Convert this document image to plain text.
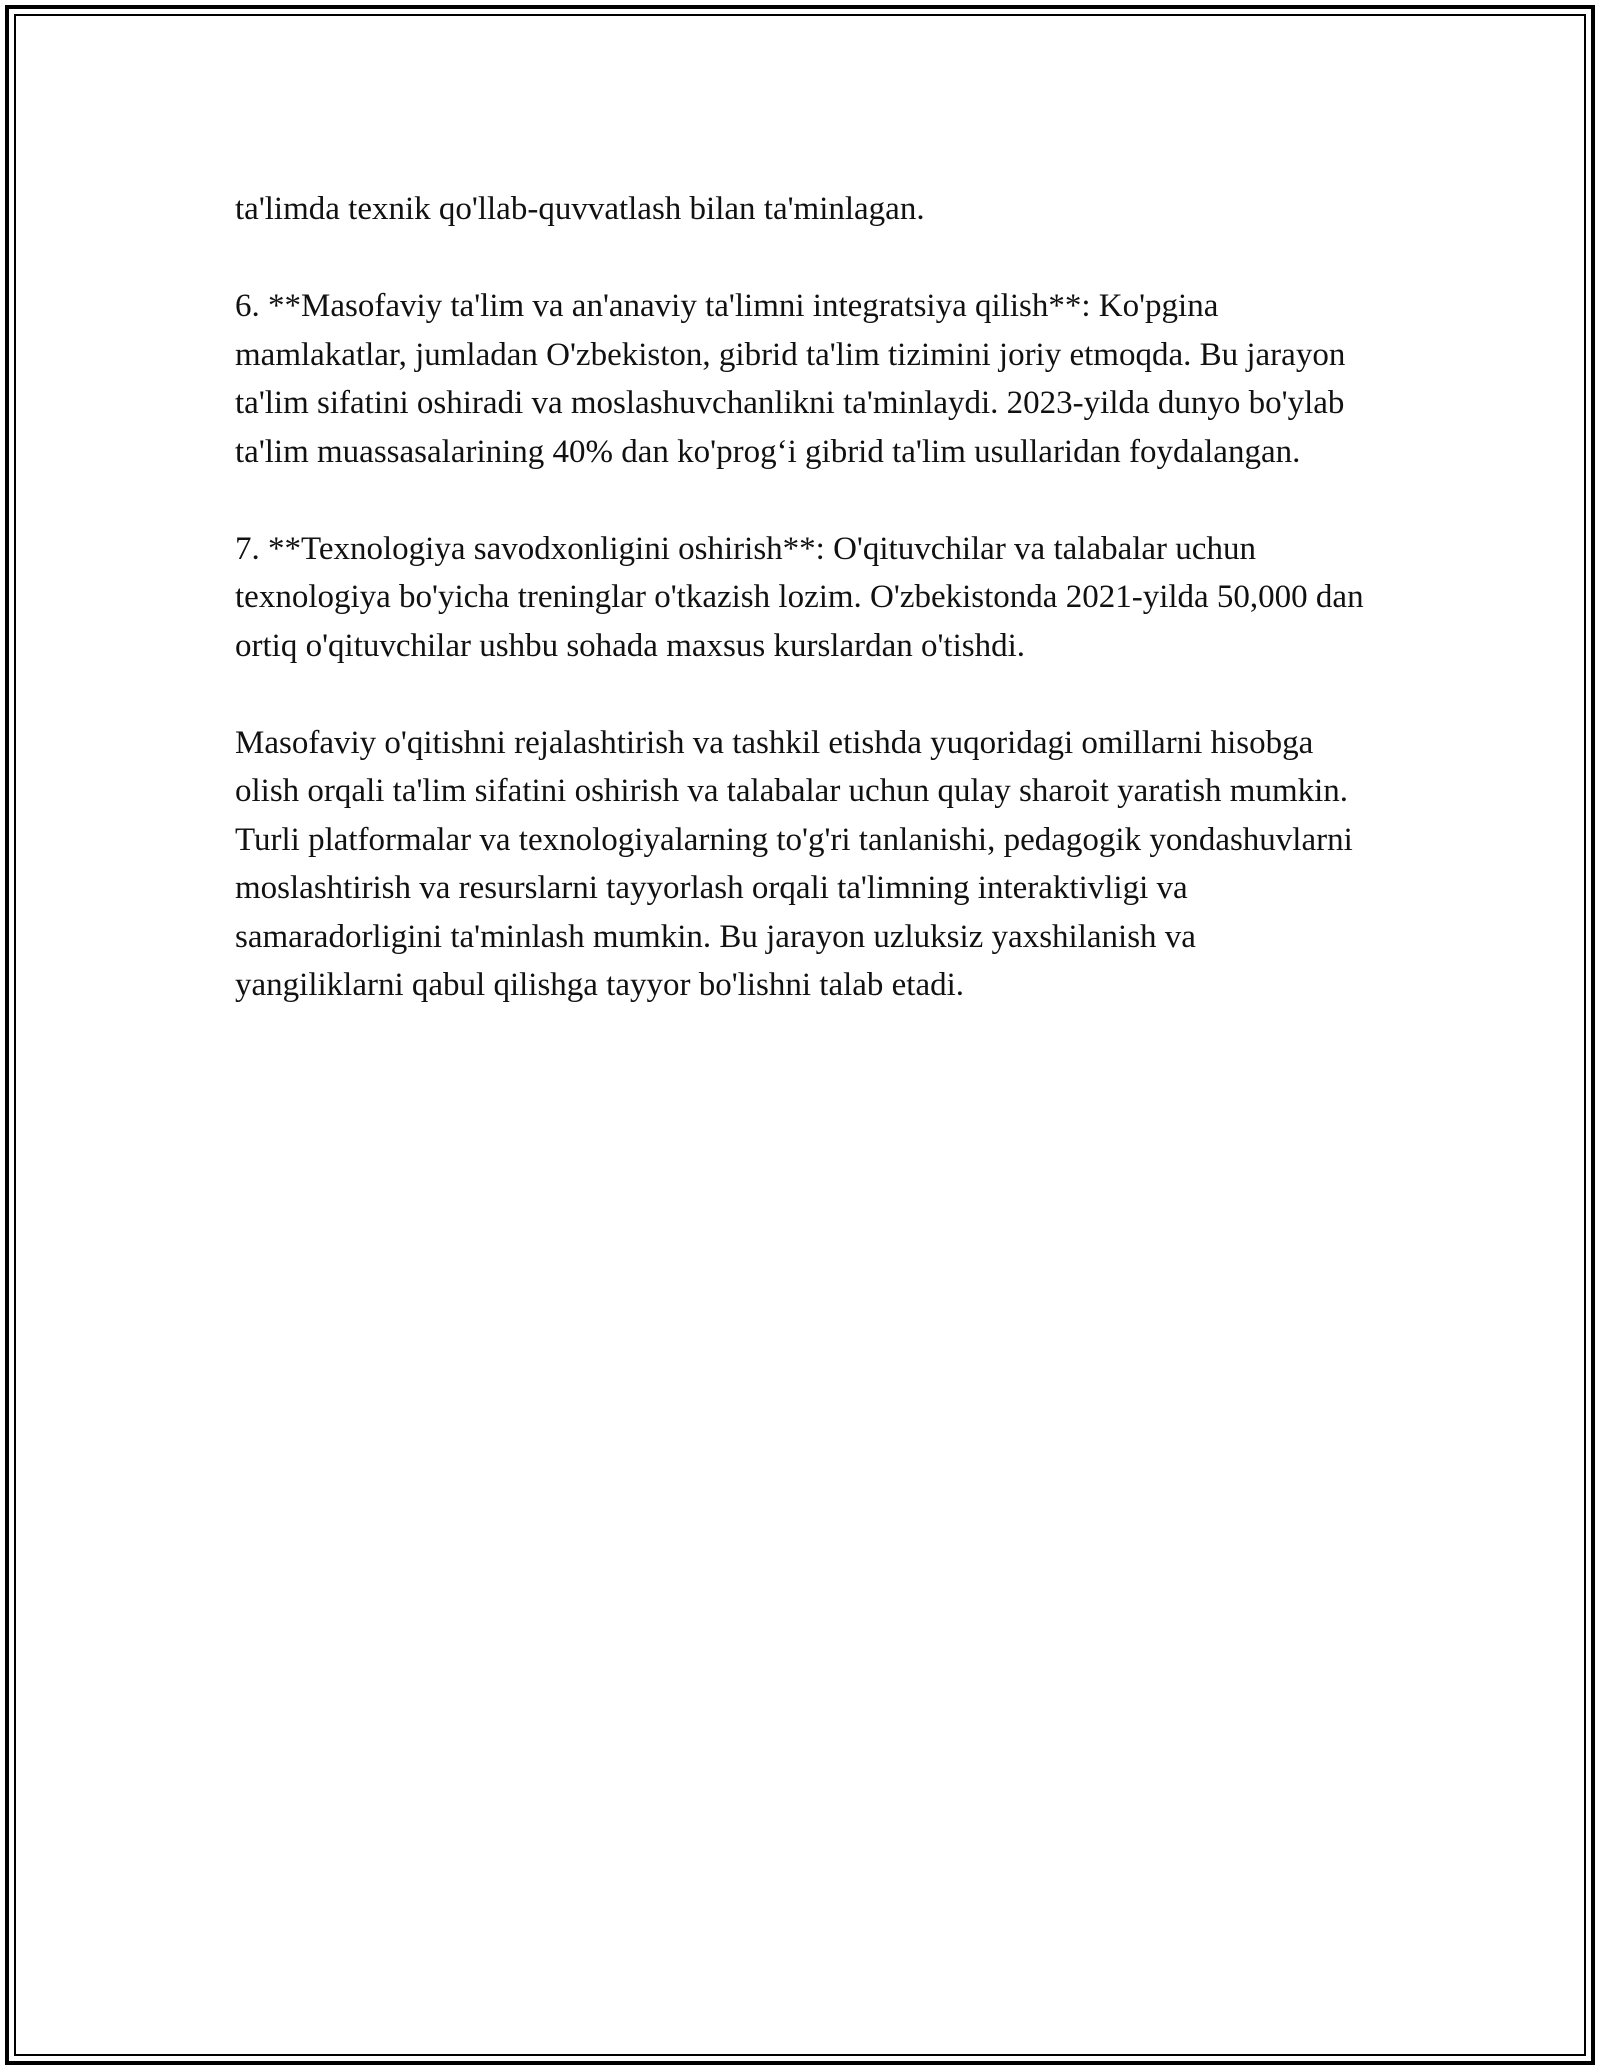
ta'limda texnik qo'llab-quvvatlash bilan ta'minlagan.

6. **Masofaviy ta'lim va an'anaviy ta'limni integratsiya qilish**: Ko'pgina mamlakatlar, jumladan O'zbekiston, gibrid ta'lim tizimini joriy etmoqda. Bu jarayon ta'lim sifatini oshiradi va moslashuvchanlikni ta'minlaydi. 2023-yilda dunyo bo'ylab ta'lim muassasalarining 40% dan ko'prog‘i gibrid ta'lim usullaridan foydalangan.

7. **Texnologiya savodxonligini oshirish**: O'qituvchilar va talabalar uchun texnologiya bo'yicha treninglar o'tkazish lozim. O'zbekistonda 2021-yilda 50,000 dan ortiq o'qituvchilar ushbu sohada maxsus kurslardan o'tishdi.

Masofaviy o'qitishni rejalashtirish va tashkil etishda yuqoridagi omillarni hisobga olish orqali ta'lim sifatini oshirish va talabalar uchun qulay sharoit yaratish mumkin. Turli platformalar va texnologiyalarning to'g'ri tanlanishi, pedagogik yondashuvlarni moslashtirish va resurslarni tayyorlash orqali ta'limning interaktivligi va samaradorligini ta'minlash mumkin. Bu jarayon uzluksiz yaxshilanish va yangiliklarni qabul qilishga tayyor bo'lishni talab etadi.
